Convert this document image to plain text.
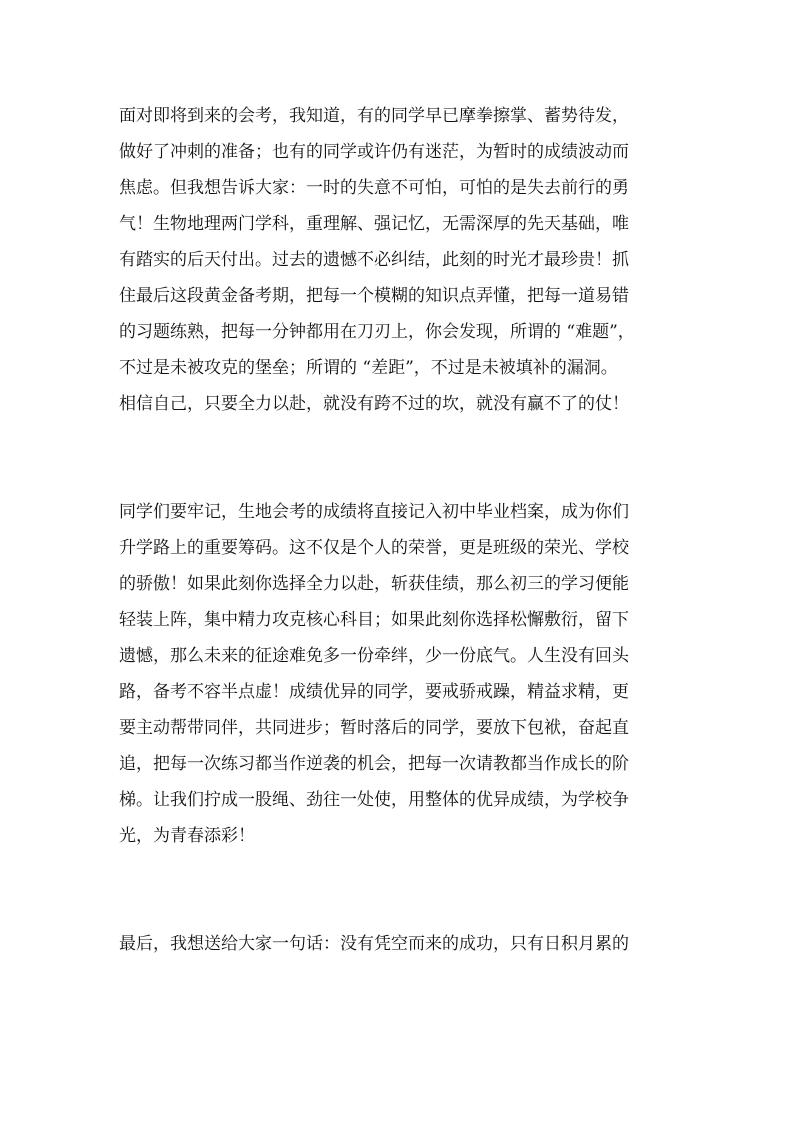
面对即将到来的会考，我知道，有的同学早已摩拳擦掌、蓄势待发，
做好了冲刺的准备；也有的同学或许仍有迷茫，为暂时的成绩波动而
焦虑。但我想告诉大家：一时的失意不可怕，可怕的是失去前行的勇
气！生物地理两门学科，重理解、强记忆，无需深厚的先天基础，唯
有踏实的后天付出。过去的遗憾不必纠结，此刻的时光才最珍贵！抓
住最后这段黄金备考期，把每一个模糊的知识点弄懂，把每一道易错
的习题练熟，把每一分钟都用在刀刃上，你会发现，所谓的 “难题”，
不过是未被攻克的堡垒；所谓的 “差距”，不过是未被填补的漏洞。
相信自己，只要全力以赴，就没有跨不过的坎，就没有赢不了的仗！

同学们要牢记，生地会考的成绩将直接记入初中毕业档案，成为你们
升学路上的重要筹码。这不仅是个人的荣誉，更是班级的荣光、学校
的骄傲！如果此刻你选择全力以赴，斩获佳绩，那么初三的学习便能
轻装上阵，集中精力攻克核心科目；如果此刻你选择松懈敷衍，留下
遗憾，那么未来的征途难免多一份牵绊，少一份底气。人生没有回头
路，备考不容半点虚！成绩优异的同学，要戒骄戒躁，精益求精，更
要主动帮带同伴，共同进步；暂时落后的同学，要放下包袱，奋起直
追，把每一次练习都当作逆袭的机会，把每一次请教都当作成长的阶
梯。让我们拧成一股绳、劲往一处使，用整体的优异成绩，为学校争
光，为青春添彩！

最后，我想送给大家一句话：没有凭空而来的成功，只有日积月累的
